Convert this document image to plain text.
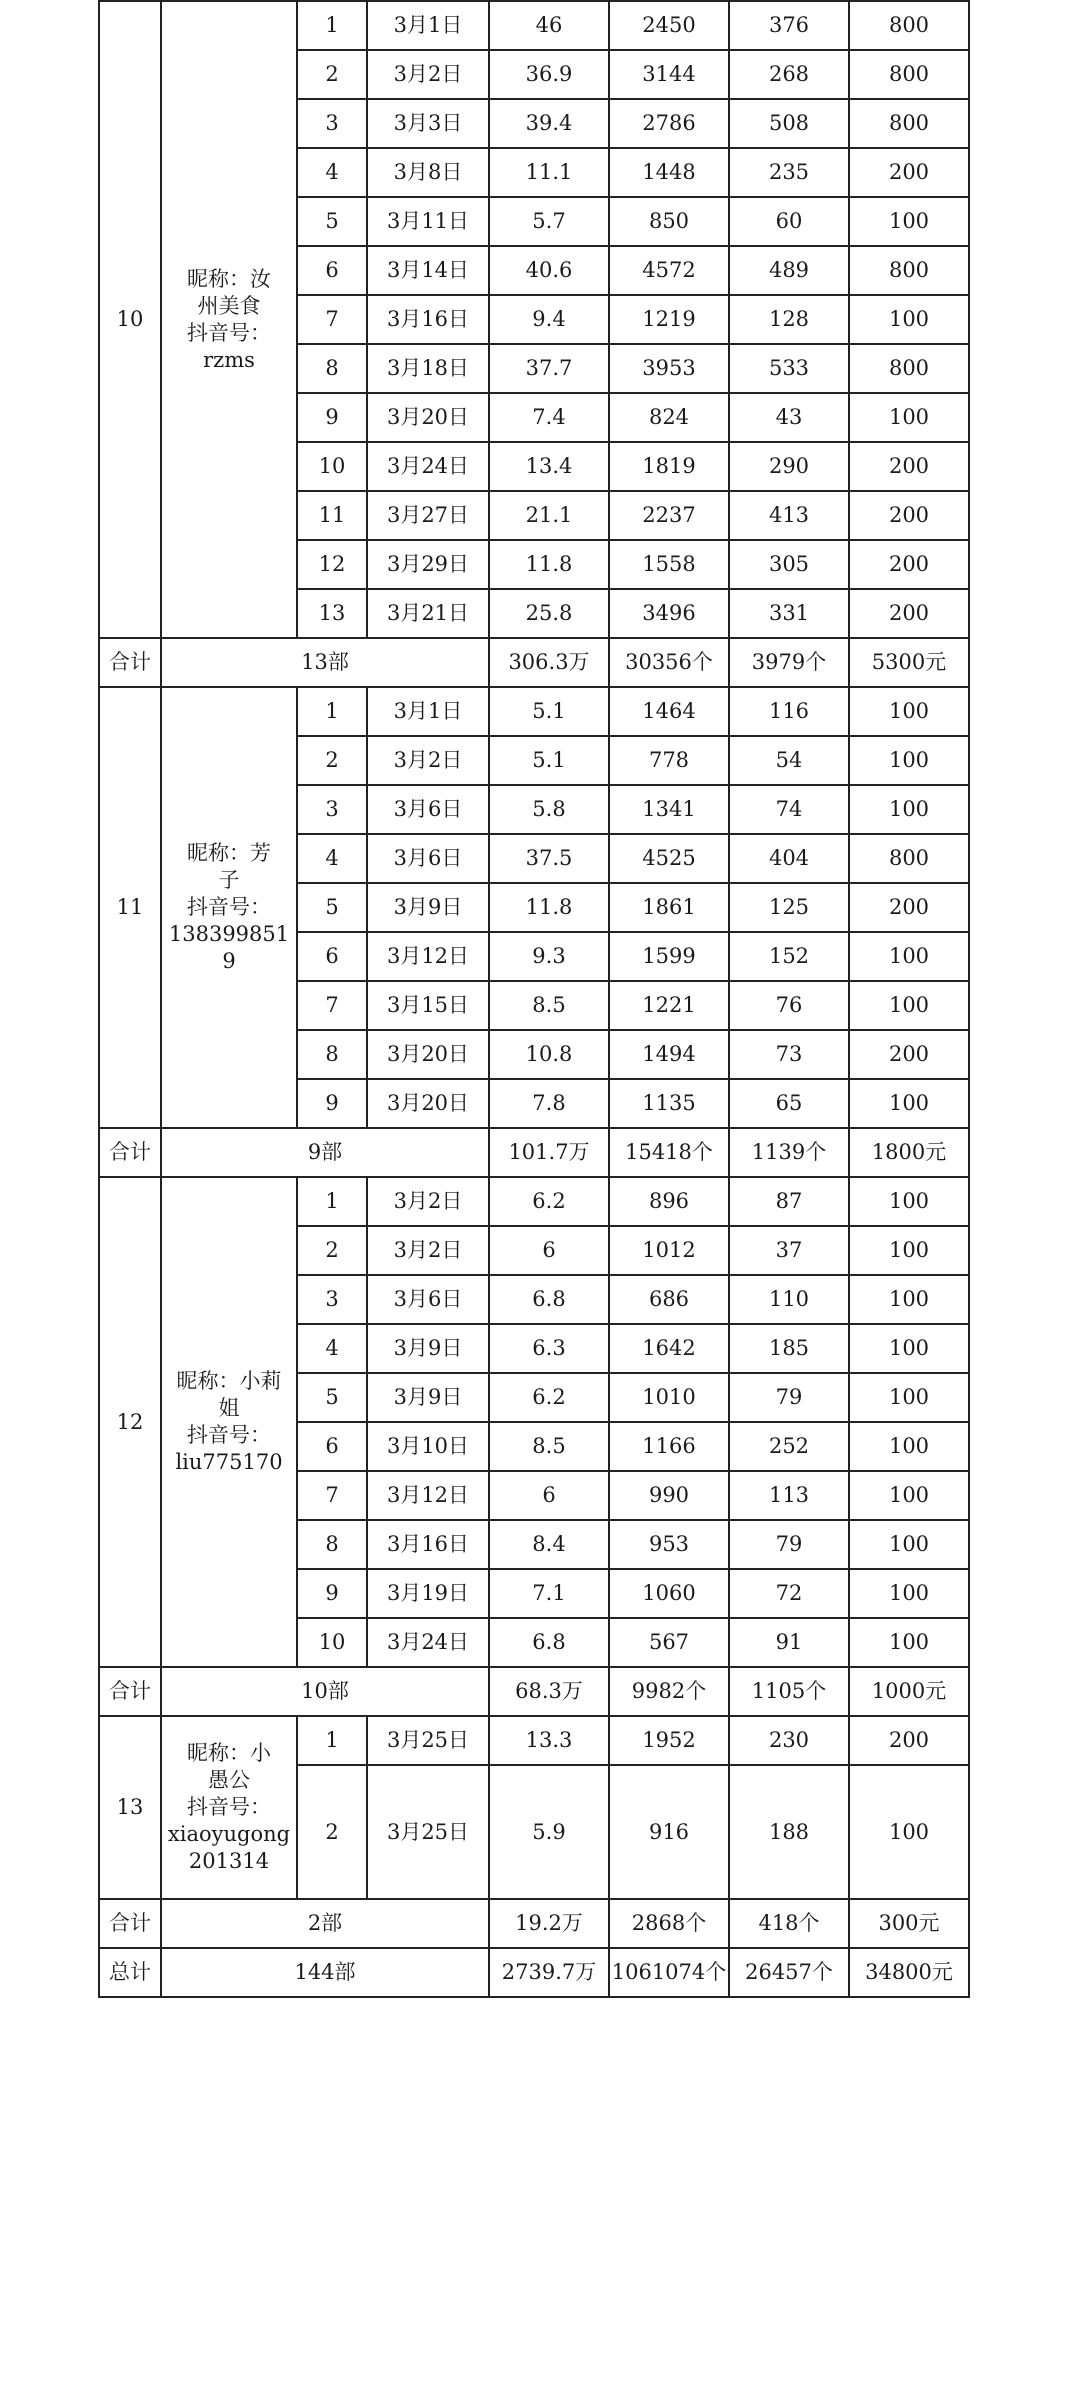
10	昵称：汝
州美食
抖音号：
rzms	1	3月1日	46	2450	376	800
		2	3月2日	36.9	3144	268	800
		3	3月3日	39.4	2786	508	800
		4	3月8日	11.1	1448	235	200
		5	3月11日	5.7	850	60	100
		6	3月14日	40.6	4572	489	800
		7	3月16日	9.4	1219	128	100
		8	3月18日	37.7	3953	533	800
		9	3月20日	7.4	824	43	100
		10	3月24日	13.4	1819	290	200
		11	3月27日	21.1	2237	413	200
		12	3月29日	11.8	1558	305	200
		13	3月21日	25.8	3496	331	200
合计	13部			306.3万	30356个	3979个	5300元
11	昵称：芳
子
抖音号：
1383998519	1	3月1日	5.1	1464	116	100
		2	3月2日	5.1	778	54	100
		3	3月6日	5.8	1341	74	100
		4	3月6日	37.5	4525	404	800
		5	3月9日	11.8	1861	125	200
		6	3月12日	9.3	1599	152	100
		7	3月15日	8.5	1221	76	100
		8	3月20日	10.8	1494	73	200
		9	3月20日	7.8	1135	65	100
合计	9部			101.7万	15418个	1139个	1800元
12	昵称：小莉
姐
抖音号：
liu775170	1	3月2日	6.2	896	87	100
		2	3月2日	6	1012	37	100
		3	3月6日	6.8	686	110	100
		4	3月9日	6.3	1642	185	100
		5	3月9日	6.2	1010	79	100
		6	3月10日	8.5	1166	252	100
		7	3月12日	6	990	113	100
		8	3月16日	8.4	953	79	100
		9	3月19日	7.1	1060	72	100
		10	3月24日	6.8	567	91	100
合计	10部			68.3万	9982个	1105个	1000元
13	昵称：小
愚公
抖音号：
xiaoyugong201314	1	3月25日	13.3	1952	230	200
		2	3月25日	5.9	916	188	100
合计	2部			19.2万	2868个	418个	300元
总计	144部			2739.7万	1061074个	26457个	34800元
